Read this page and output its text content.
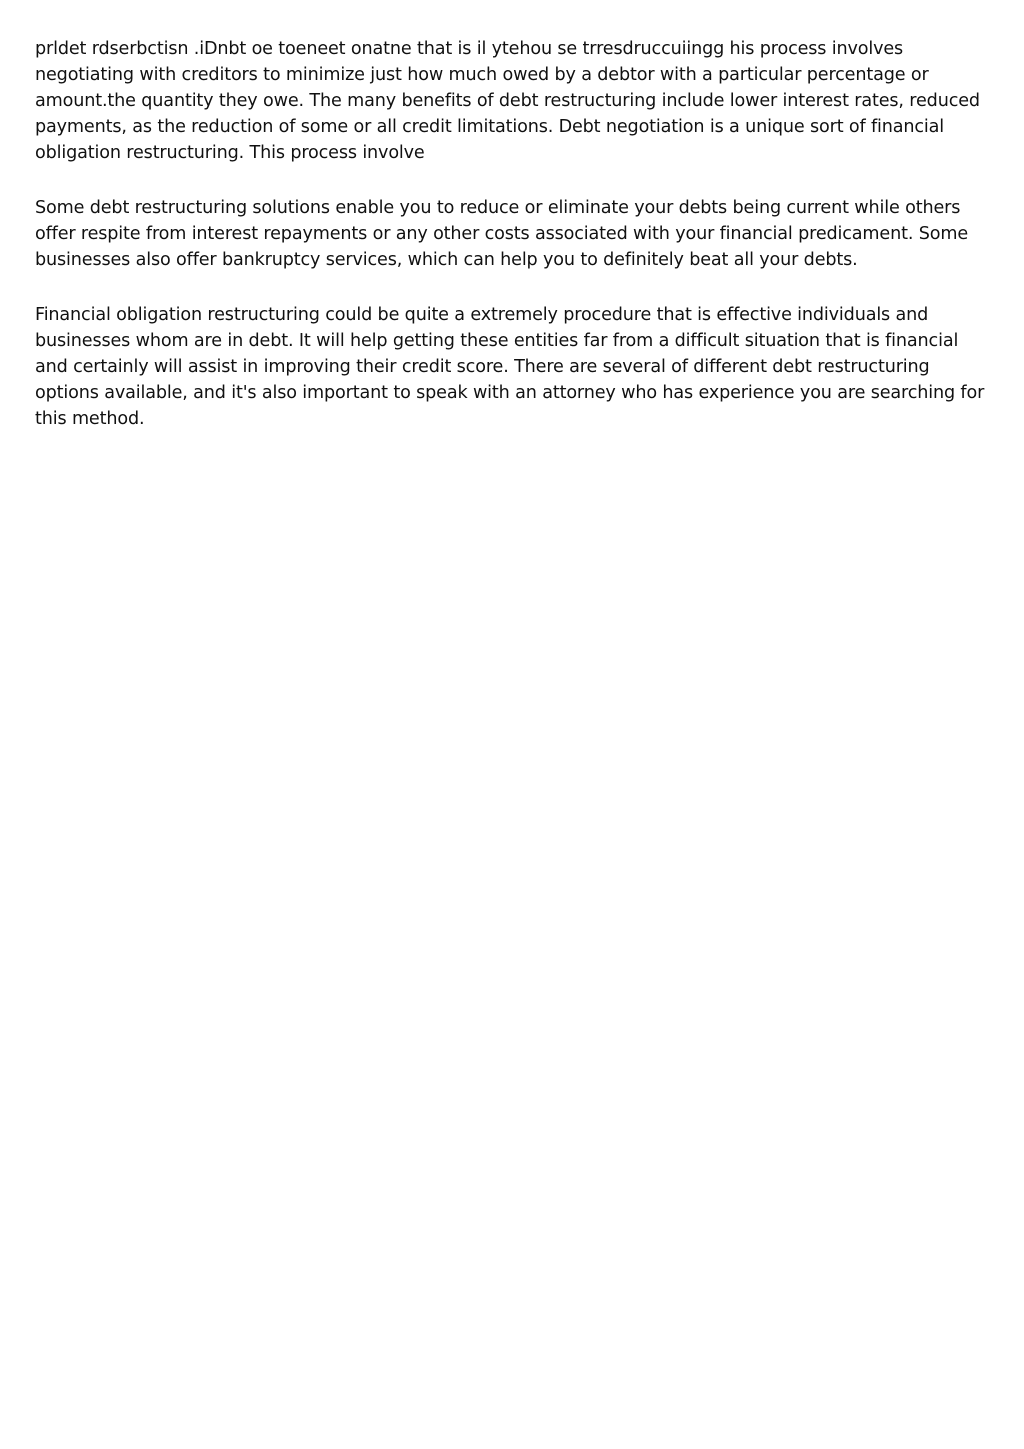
prldet rdserbctisn .iDnbt oe toeneet onatne that is il ytehou se trresdruccuiingg his process involves negotiating with creditors to minimize just how much owed by a debtor with a particular percentage or amount.the quantity they owe. The many benefits of debt restructuring include lower interest rates, reduced payments, as the reduction of some or all credit limitations. Debt negotiation is a unique sort of financial obligation restructuring. This process involve

Some debt restructuring solutions enable you to reduce or eliminate your debts being current while others offer respite from interest repayments or any other costs associated with your financial predicament. Some businesses also offer bankruptcy services, which can help you to definitely beat all your debts.

Financial obligation restructuring could be quite a extremely procedure that is effective individuals and businesses whom are in debt. It will help getting these entities far from a difficult situation that is financial and certainly will assist in improving their credit score. There are several of different debt restructuring options available, and it's also important to speak with an attorney who has experience you are searching for this method.
